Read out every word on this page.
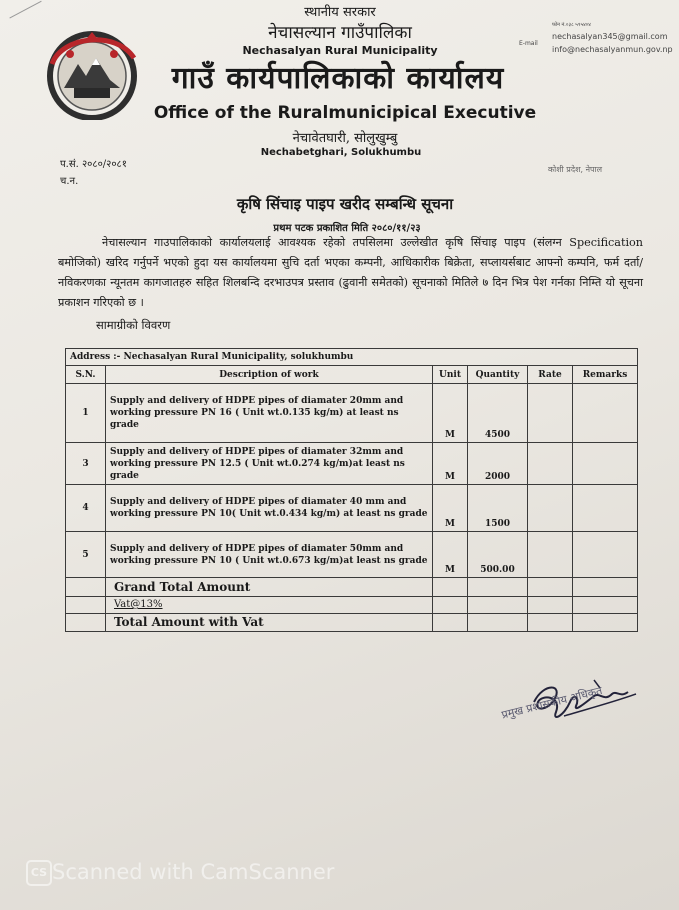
स्थानीय सरकार
नेचासल्यान गाउँपालिका
Nechasalyan Rural Municipality
गाउँ कार्यपालिकाको कार्यालय
Office of the Ruralmunicipical Executive
नेचावेतघारी, सोलुखुम्बु
Nechabetghari, Solukhumbu
फोन नं.०३८ ५९५४०४
E-mail
nechasalyan345@gmail.com
info@nechasalyanmun.gov.np
कोशी प्रदेश, नेपाल
प.सं. २०८०/२०८१
च.न.
कृषि सिंचाइ पाइप खरीद सम्बन्धि सूचना
प्रथम पटक प्रकाशित मिति २०८०/११/२३
नेचासल्यान गाउपालिकाको कार्यालयलाई आवश्यक रहेको तपसिलमा उल्लेखीत कृषि सिंचाइ पाइप (संलग्न Specification बमोजिको) खरिद गर्नुपर्ने भएको हुदा यस कार्यालयमा सुचि दर्ता भएका कम्पनी, आधिकारीक बिक्रेता, सप्लायर्सबाट आफ्नो कम्पनि, फर्म दर्ता/नविकरणका न्यूनतम कागजातहरु सहित शिलबन्दि दरभाउपत्र प्रस्ताव (ढुवानी समेतको) सूचनाको मितिले ७ दिन भित्र पेश गर्नका निम्ति यो सूचना प्रकाशन गरिएको छ ।
सामाग्रीको विवरण
Address :- Nechasalyan Rural Municipality, solukhumbu					
S.N.	Description of work	Unit	Quantity	Rate	Remarks
1	Supply and delivery of HDPE pipes of diamater 20mm and working pressure PN 16 ( Unit wt.0.135 kg/m) at least ns grade	M	4500		
3	Supply and delivery of HDPE pipes of diamater 32mm and working pressure PN 12.5 ( Unit wt.0.274 kg/m)at least ns grade	M	2000		
4	Supply and delivery of HDPE pipes of diamater 40 mm and working pressure PN 10( Unit wt.0.434 kg/m) at least ns grade	M	1500		
5	Supply and delivery of HDPE pipes of diamater 50mm and working pressure PN 10 ( Unit wt.0.673 kg/m)at least ns grade	M	500.00		
	Grand Total Amount				
	Vat@13%				
	Total Amount with Vat				
प्रमुख प्रशासकीय अधिकृत
CS Scanned with CamScanner
